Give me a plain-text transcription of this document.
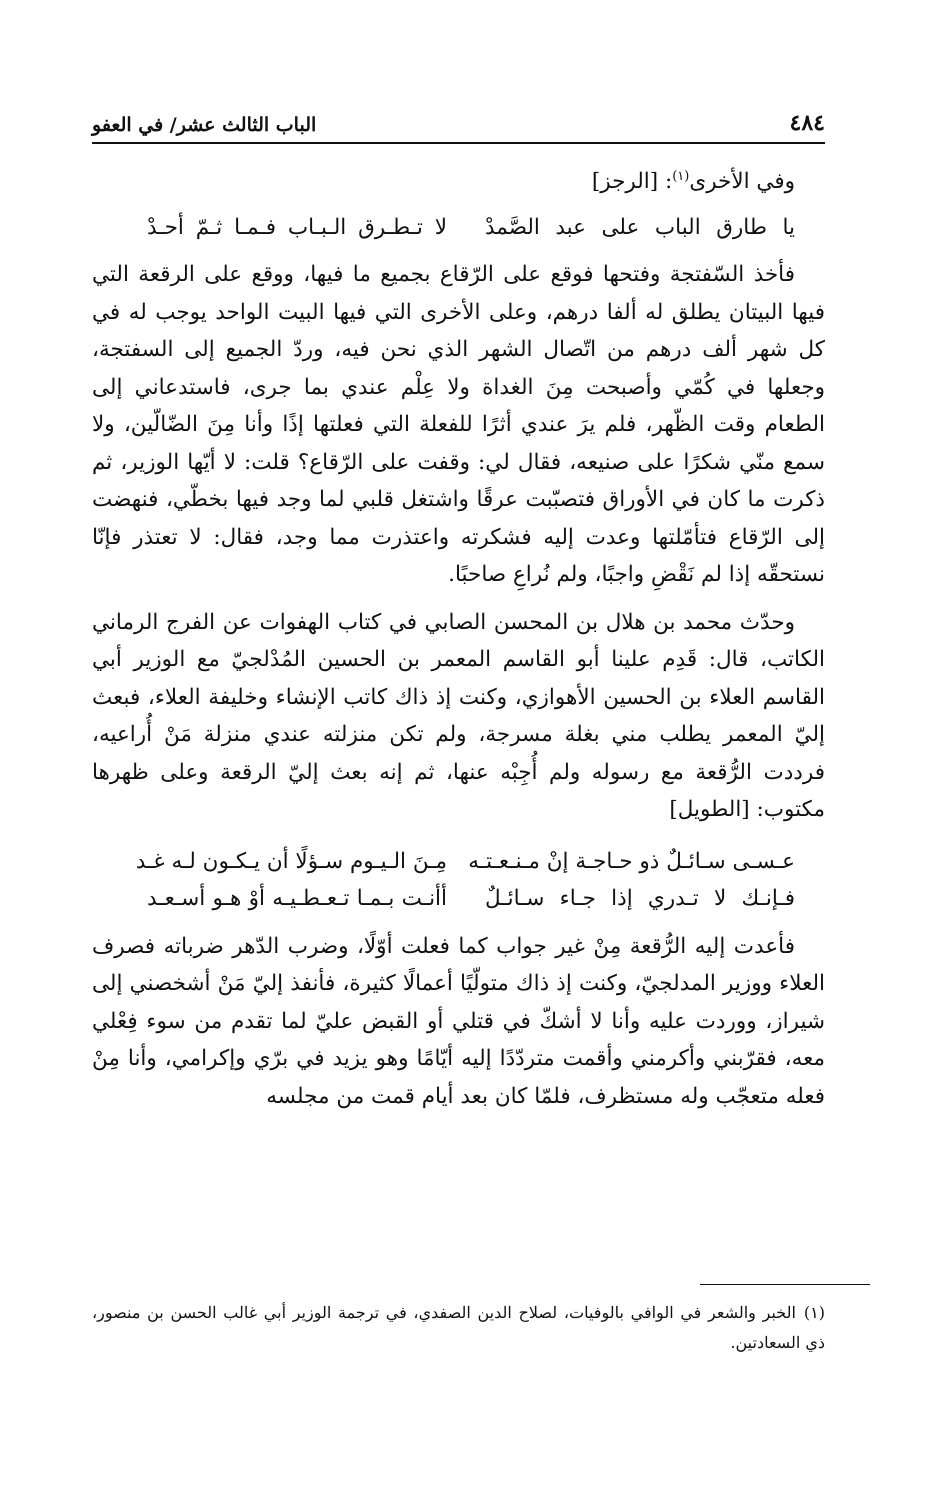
٤٨٤
الباب الثالث عشر/ في العفو
وفي الأخرى$^{(١)}$: [الرجز]
يا طارق الباب على عبد الصَّمدْ
لا تـطـرق الـبـاب فـمـا ثـمّ أحـدْ

فأخذ السّفتجة وفتحها فوقع على الرّقاع بجميع ما فيها، ووقع على الرقعة التي فيها البيتان يطلق له ألفا درهم، وعلى الأخرى التي فيها البيت الواحد يوجب له في كل شهر ألف درهم من اتّصال الشهر الذي نحن فيه، وردّ الجميع إلى السفتجة، وجعلها في كُمّي وأصبحت مِنَ الغداة ولا عِلْم عندي بما جرى، فاستدعاني إلى الطعام وقت الظّهر، فلم يرَ عندي أثرًا للفعلة التي فعلتها إذًا وأنا مِنَ الضّالّين، ولا سمع منّي شكرًا على صنيعه، فقال لي: وقفت على الرّقاع؟ قلت: لا أيّها الوزير، ثم ذكرت ما كان في الأوراق فتصبّبت عرقًا واشتغل قلبي لما وجد فيها بخطّي، فنهضت إلى الرّقاع فتأمّلتها وعدت إليه فشكرته واعتذرت مما وجد، فقال: لا تعتذر فإنّا نستحقّه إذا لم نَقْضِ واجبًا، ولم نُراعِ صاحبًا.

وحدّث محمد بن هلال بن المحسن الصابي في كتاب الهفوات عن الفرج الرماني الكاتب، قال: قَدِم علينا أبو القاسم المعمر بن الحسين المُدْلجيّ مع الوزير أبي القاسم العلاء بن الحسين الأهوازي، وكنت إذ ذاك كاتب الإنشاء وخليفة العلاء، فبعث إليّ المعمر يطلب مني بغلة مسرجة، ولم تكن منزلته عندي منزلة مَنْ أُراعيه، فرددت الرُّقعة مع رسوله ولم أُجِبْه عنها، ثم إنه بعث إليّ الرقعة وعلى ظهرها مكتوب: [الطويل]

عـسـى سـائـلٌ ذو حـاجـة إنْ مـنـعـتـه
مِـنَ الـيـوم سـؤلًا أن يـكـون لـه غـد
فـإنـك لا تـدري إذا جـاء سـائـلٌ
أأنـت بـمـا تـعـطـيـه أوْ هـو أسـعـد

فأعدت إليه الرُّقعة مِنْ غير جواب كما فعلت أوّلًا، وضرب الدّهر ضرباته فصرف العلاء ووزير المدلجيّ، وكنت إذ ذاك متولّيًا أعمالًا كثيرة، فأنفذ إليّ مَنْ أشخصني إلى شيراز، ووردت عليه وأنا لا أشكّ في قتلي أو القبض عليّ لما تقدم من سوء فِعْلي معه، فقرّبني وأكرمني وأقمت متردّدًا إليه أيّامًا وهو يزيد في برّي وإكرامي، وأنا مِنْ فعله متعجّب وله مستظرف، فلمّا كان بعد أيام قمت من مجلسه

(١)الخبر والشعر في الوافي بالوفيات، لصلاح الدين الصفدي، في ترجمة الوزير أبي غالب الحسن بن منصور، ذي السعادتين.
